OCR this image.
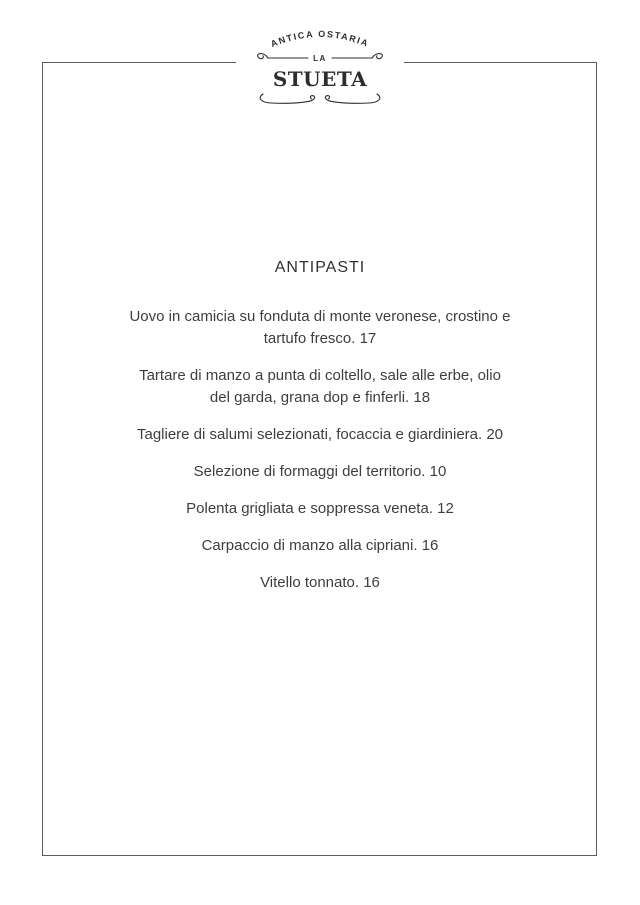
ANTICA OSTARIA
LA
STUETA
ANTIPASTI

Uovo in camicia su fonduta di monte veronese, crostino e
tartufo fresco. 17

Tartare di manzo a punta di coltello, sale alle erbe, olio
del garda, grana dop e finferli. 18

Tagliere di salumi selezionati, focaccia e giardiniera. 20

Selezione di formaggi del territorio. 10

Polenta grigliata e soppressa veneta. 12

Carpaccio di manzo alla cipriani. 16

Vitello tonnato. 16
